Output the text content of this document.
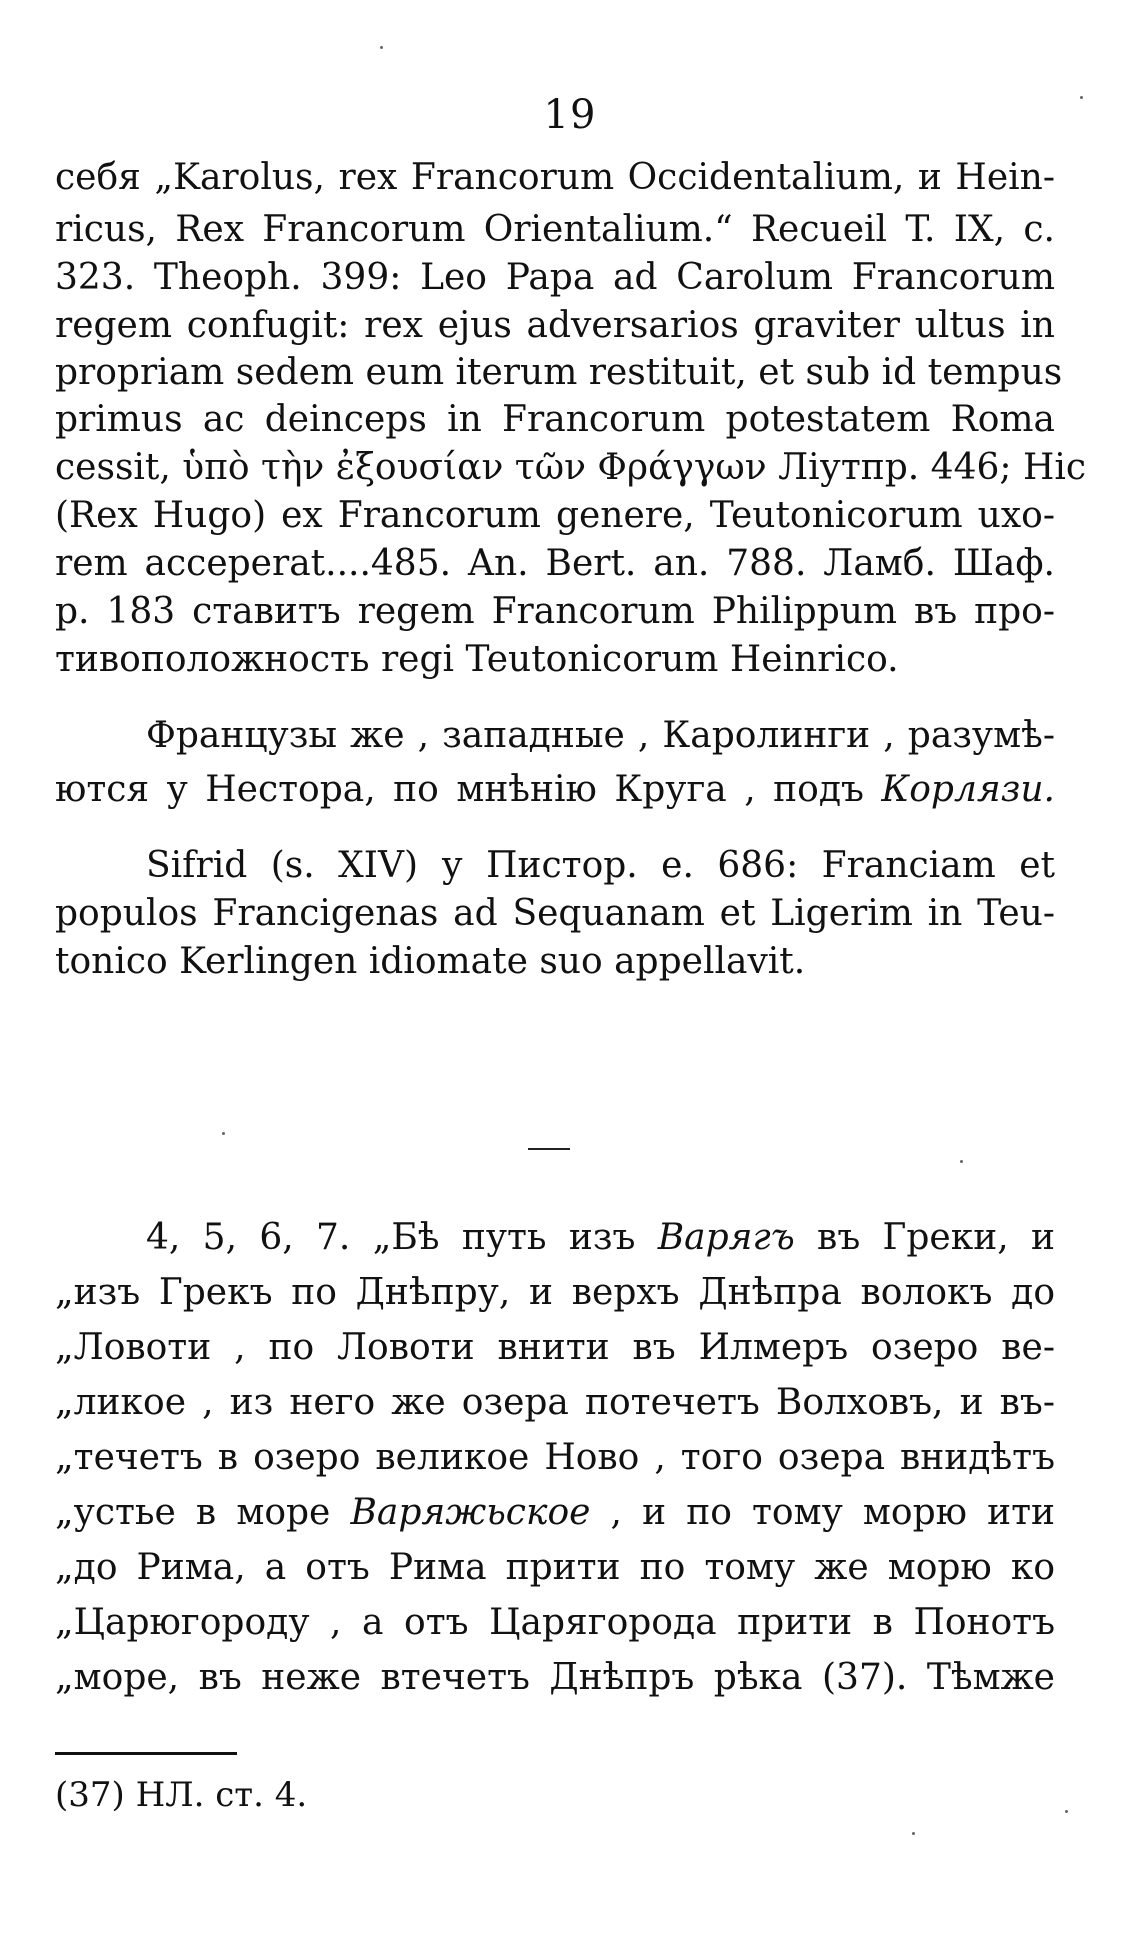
19
себя „Karolus, rex Francorum Occidentalium, и Hein-
ricus, Rex Francorum Orientalium.“ Recueil T. IX, c.
323. Theoph. 399: Leo Papa ad Carolum Francorum
regem confugit: rex ejus adversarios graviter ultus in
propriam sedem eum iterum restituit, et sub id tempus
primus ac deinceps in Francorum potestatem Roma
cessit, ὑπὸ τὴν ἐξουσίαν τῶν Φράγγων Ліутпр. 446; Hic
(Rex Hugo) ex Francorum genere, Teutonicorum uxo-
rem acceperat....485. An. Bert. an. 788. Ламб. Шаф.
p. 183 ставитъ regem Francorum Philippum въ про-
тивоположность regi Teutonicorum Heinrico.
Французы же , западные , Каролинги , разумѣ-
ются у Нестора, по мнѣнію Круга , подъ Корлязи.
Sifrid (s. XIV) у Пистор. e. 686: Franciam et
populos Francigenas ad Sequanam et Ligerim in Teu-
tonico Kerlingen idiomate suo appellavit.
4, 5, 6, 7. „Бѣ путь изъ Варягъ въ Греки, и
„изъ Грекъ по Днѣпру, и верхъ Днѣпра волокъ до
„Ловоти , по Ловоти внити въ Илмеръ озеро ве-
„ликое , из него же озера потечетъ Волховъ, и въ-
„течетъ в озеро великое Ново , того озера внидѣтъ
„устье в море Варяжьское , и по тому морю ити
„до Рима, а отъ Рима прити по тому же морю ко
„Царюгороду , а отъ Царягорода прити в Понотъ
„море, въ неже втечетъ Днѣпръ рѣка (37). Тѣмже
(37) НЛ. ст. 4.
